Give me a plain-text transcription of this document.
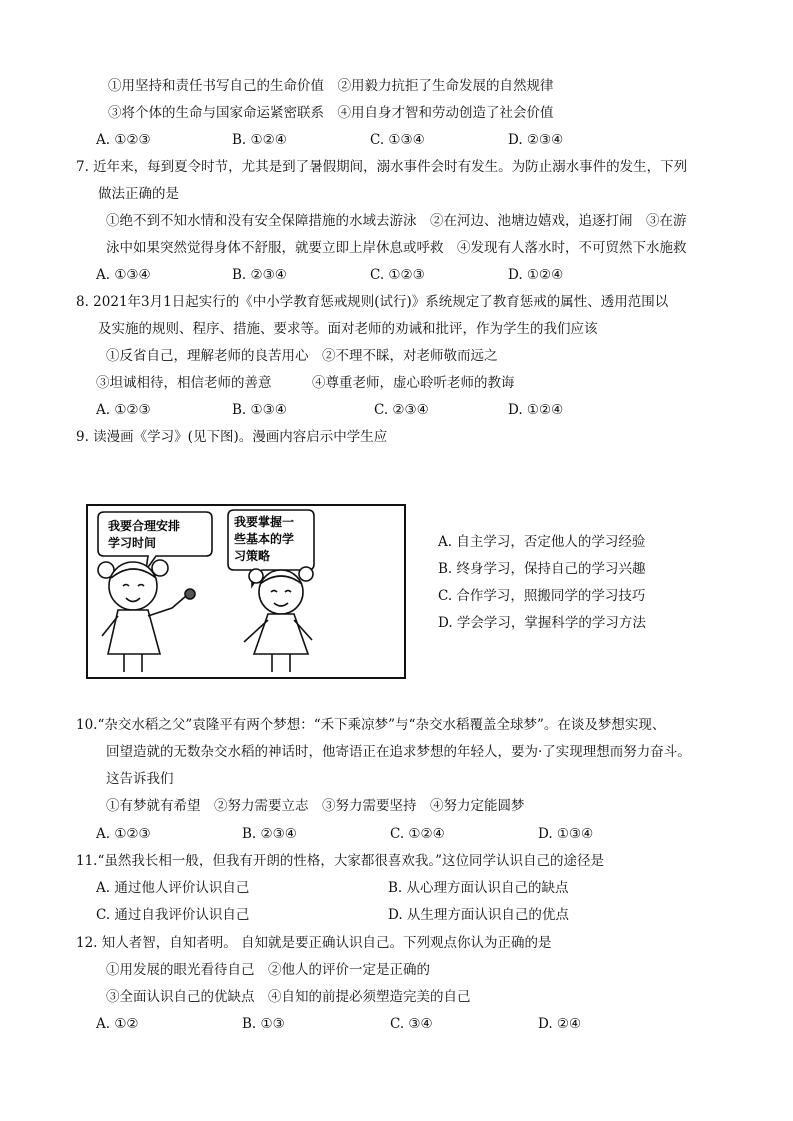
①用坚持和责任书写自己的生命价值　②用毅力抗拒了生命发展的自然规律
③将个体的生命与国家命运紧密联系　④用自身才智和劳动创造了社会价值
A. ①②③	B. ①②④	C. ①③④	D. ②③④
7. 近年来，每到夏令时节，尤其是到了暑假期间，溺水事件会时有发生。为防止溺水事件的发生，下列
做法正确的是
①绝不到不知水情和没有安全保障措施的水域去游泳　②在河边、池塘边嬉戏，追逐打闹　③在游
泳中如果突然觉得身体不舒服，就要立即上岸休息或呼救　④发现有人落水时，不可贸然下水施救
A. ①③④	B. ②③④	C. ①②③	D. ①②④
8. 2021年3月1日起实行的《中小学教育惩戒规则(试行)》系统规定了教育惩戒的属性、透用范围以
及实施的规则、程序、措施、要求等。面对老师的劝诫和批评，作为学生的我们应该
①反省自己，理解老师的良苦用心　②不理不睬，对老师敬而远之
③坦诚相待，相信老师的善意　　　④尊重老师，虚心聆听老师的教诲
A. ①②③	B. ①③④	C. ②③④	D. ①②④
9. 读漫画《学习》(见下图)。漫画内容启示中学生应
我要合理安排
学习时间
我要掌握一
些基本的学
习策略
A. 自主学习，否定他人的学习经验
B. 终身学习，保持自己的学习兴趣
C. 合作学习，照搬同学的学习技巧
D. 学会学习，掌握科学的学习方法
10.“杂交水稻之父”袁隆平有两个梦想：“禾下乘凉梦”与“杂交水稻覆盖全球梦”。在谈及梦想实现、
回望造就的无数杂交水稻的神话时，他寄语正在追求梦想的年轻人，要为·了实现理想而努力奋斗。
这告诉我们
①有梦就有希望　②努力需要立志　③努力需要坚持　④努力定能圆梦
A. ①②③	B. ②③④	C. ①②④	D. ①③④
11.“虽然我长相一般，但我有开朗的性格，大家都很喜欢我。”这位同学认识自己的途径是
A. 通过他人评价认识自己	B. 从心理方面认识自己的缺点
C. 通过自我评价认识自己	D. 从生理方面认识自己的优点
12. 知人者智，自知者明。 自知就是要正确认识自己。下列观点你认为正确的是
①用发展的眼光看待自己　②他人的评价一定是正确的
③全面认识自己的优缺点　④自知的前提必须塑造完美的自己
A. ①②	B. ①③	C. ③④	D. ②④
